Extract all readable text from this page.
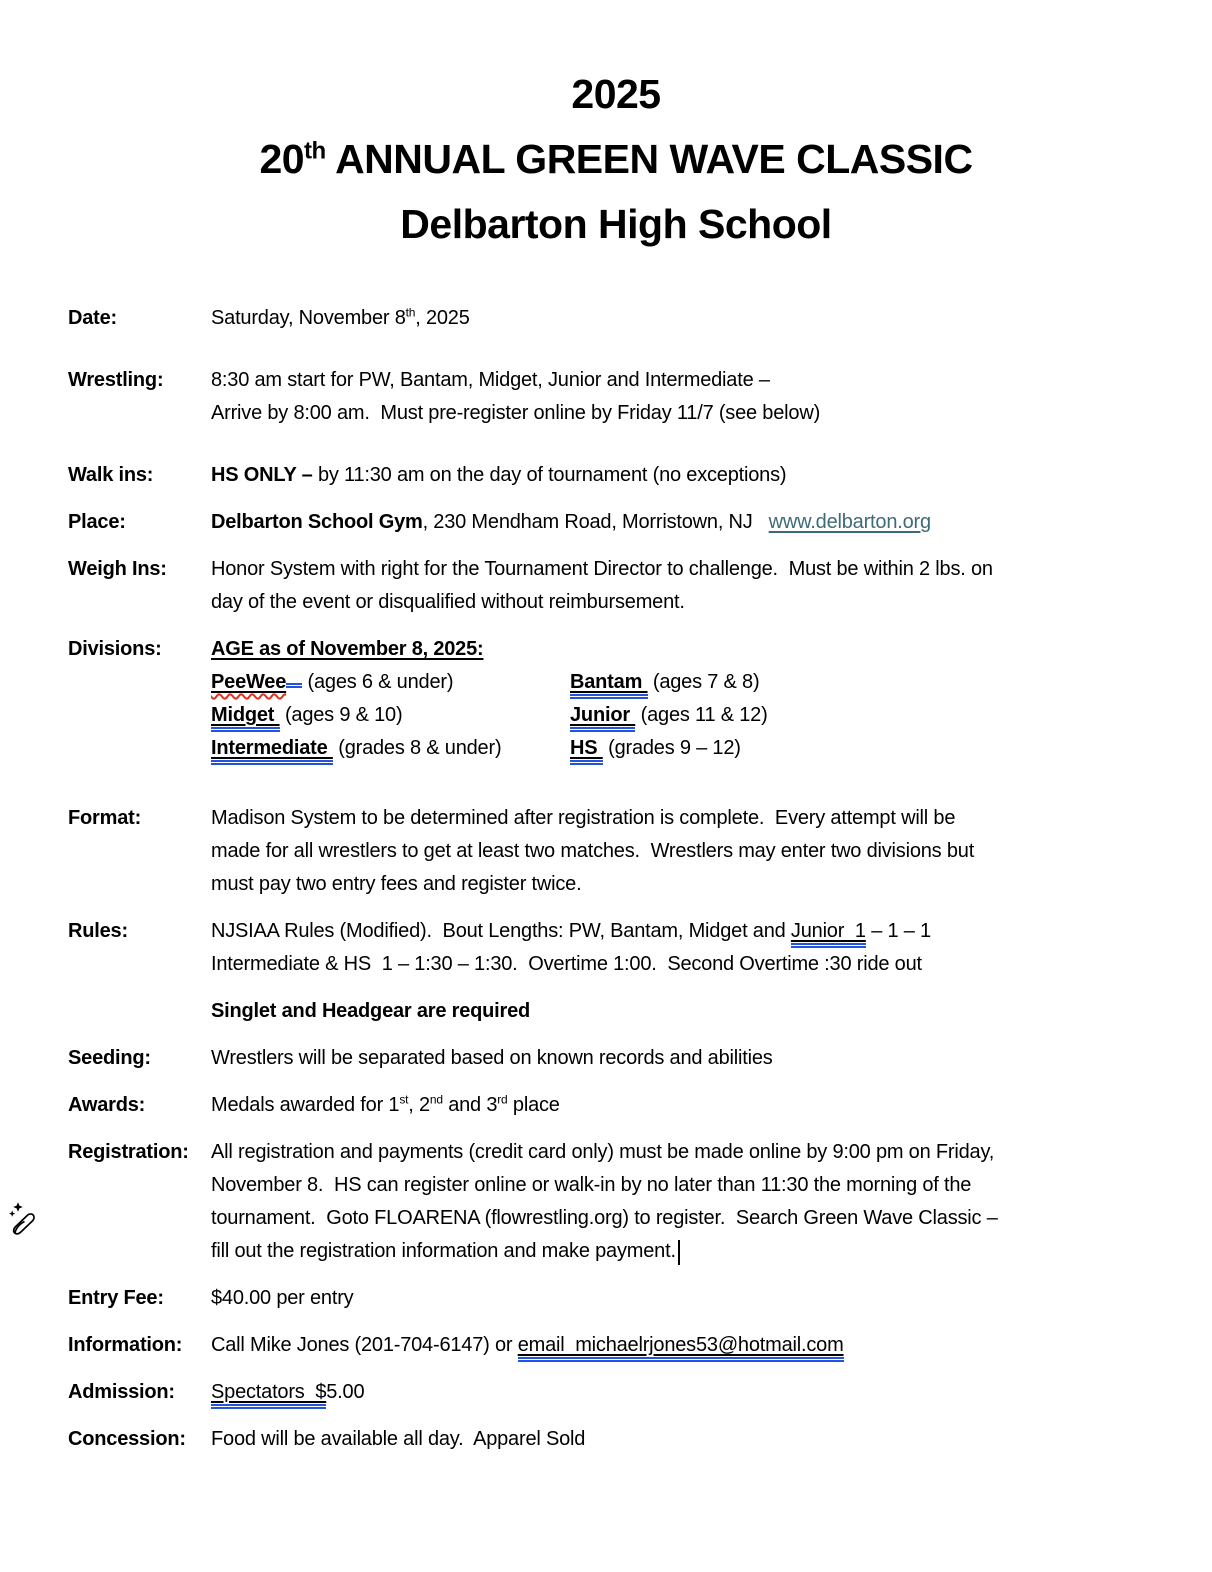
2025
20th ANNUAL GREEN WAVE CLASSIC
Delbarton High School
Date:	Saturday, November 8th, 2025
Wrestling:	8:30 am start for PW, Bantam, Midget, Junior and Intermediate –
Arrive by 8:00 am.  Must pre-register online by Friday 11/7 (see below)
Walk ins:	HS ONLY – by 11:30 am on the day of tournament (no exceptions)
Place:	Delbarton School Gym, 230 Mendham Road, Morristown, NJ   www.delbarton.org
Weigh Ins:	Honor System with right for the Tournament Director to challenge.  Must be within 2 lbs. on
day of the event or disqualified without reimbursement.
Divisions:	AGE as of November 8, 2025:
PeeWee (ages 6 & under)	Bantam  (ages 7 & 8)
Midget  (ages 9 & 10)	Junior  (ages 11 & 12)
Intermediate  (grades 8 & under)	HS  (grades 9 – 12)
Format:	Madison System to be determined after registration is complete.  Every attempt will be
made for all wrestlers to get at least two matches.  Wrestlers may enter two divisions but
must pay two entry fees and register twice.
Rules:	NJSIAA Rules (Modified).  Bout Lengths: PW, Bantam, Midget and Junior  1 – 1 – 1
Intermediate & HS  1 – 1:30 – 1:30.  Overtime 1:00.  Second Overtime :30 ride out
Singlet and Headgear are required
Seeding:	Wrestlers will be separated based on known records and abilities
Awards:	Medals awarded for 1st, 2nd and 3rd place
Registration:	All registration and payments (credit card only) must be made online by 9:00 pm on Friday,
November 8.  HS can register online or walk-in by no later than 11:30 the morning of the
tournament.  Goto FLOARENA (flowrestling.org) to register.  Search Green Wave Classic –
fill out the registration information and make payment.
Entry Fee:	$40.00 per entry
Information:	Call Mike Jones (201-704-6147) or email  michaelrjones53@hotmail.com
Admission:	Spectators  $5.00
Concession:	Food will be available all day.  Apparel Sold
